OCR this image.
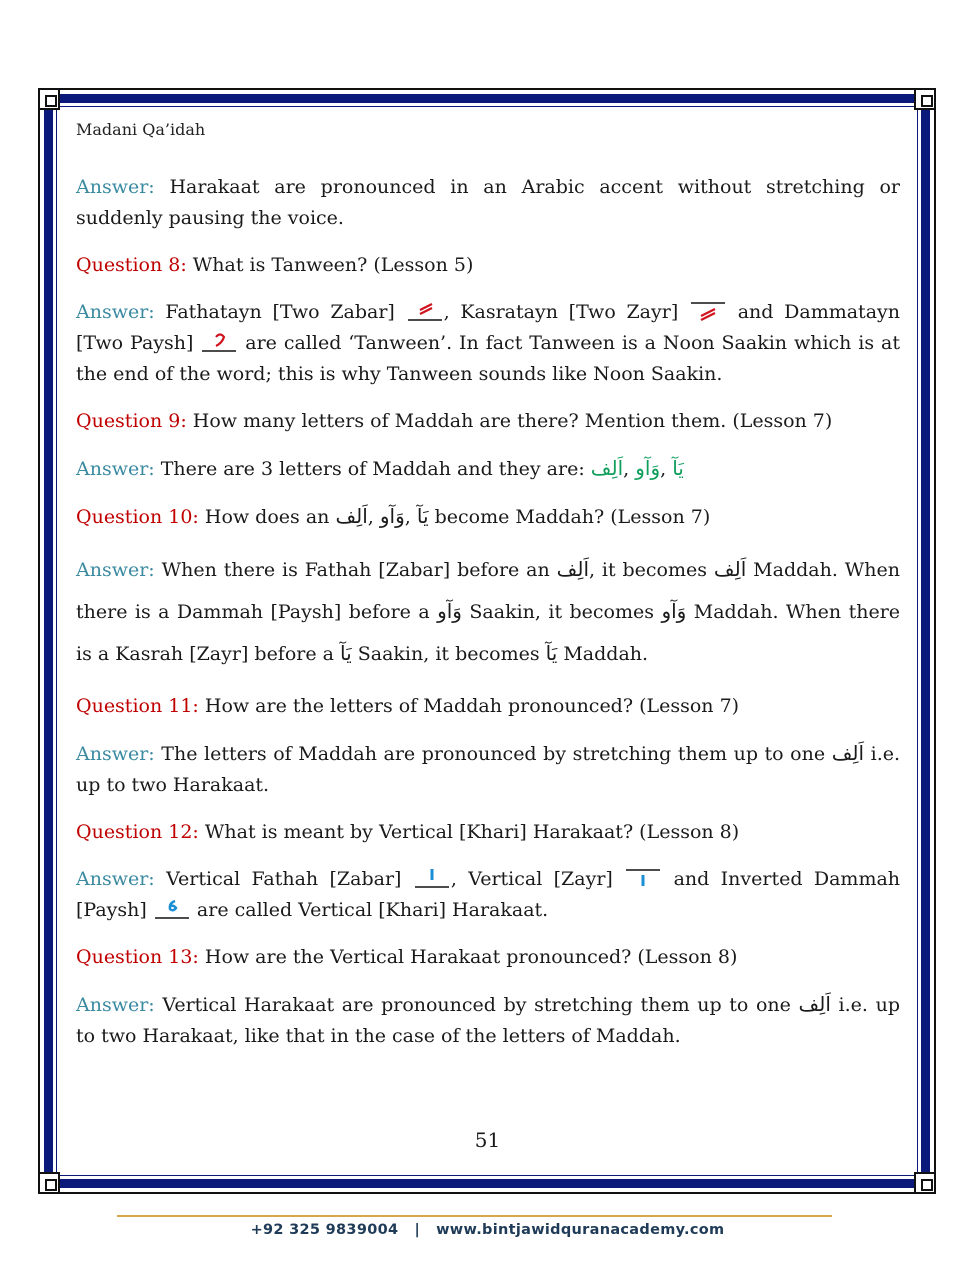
Madani Qa’idah

Answer: Harakaat are pronounced in an Arabic accent without stretching or suddenly pausing the voice.

Question 8: What is Tanween? (Lesson 5)

Answer: Fathatayn [Two Zabar]	, Kasratayn [Two Zayr]	and Dammatayn [Two Paysh]	are called ‘Tanween’. In fact Tanween is a Noon Saakin which is at the end of the word; this is why Tanween sounds like Noon Saakin.

Question 9: How many letters of Maddah are there? Mention them. (Lesson 7)

Answer: There are 3 letters of Maddah and they are: اَلِف, وَآو, يَآ

Question 10: How does an اَلِف, وَآو, يَآ become Maddah? (Lesson 7)

Answer: When there is Fathah [Zabar] before an اَلِف, it becomes اَلِف Maddah. When there is a Dammah [Paysh] before a وَآو Saakin, it becomes وَآو Maddah. When there is a Kasrah [Zayr] before a يَآ Saakin, it becomes يَآ Maddah.

Question 11: How are the letters of Maddah pronounced? (Lesson 7)

Answer: The letters of Maddah are pronounced by stretching them up to one اَلِف i.e. up to two Harakaat.

Question 12: What is meant by Vertical [Khari] Harakaat? (Lesson 8)

Answer: Vertical Fathah [Zabar]	, Vertical [Zayr]	and Inverted Dammah [Paysh]	are called Vertical [Khari] Harakaat.

Question 13: How are the Vertical Harakaat pronounced? (Lesson 8)

Answer: Vertical Harakaat are pronounced by stretching them up to one اَلِف i.e. up to two Harakaat, like that in the case of the letters of Maddah.

51
+92 325 9839004 | www.bintjawidquranacademy.com
